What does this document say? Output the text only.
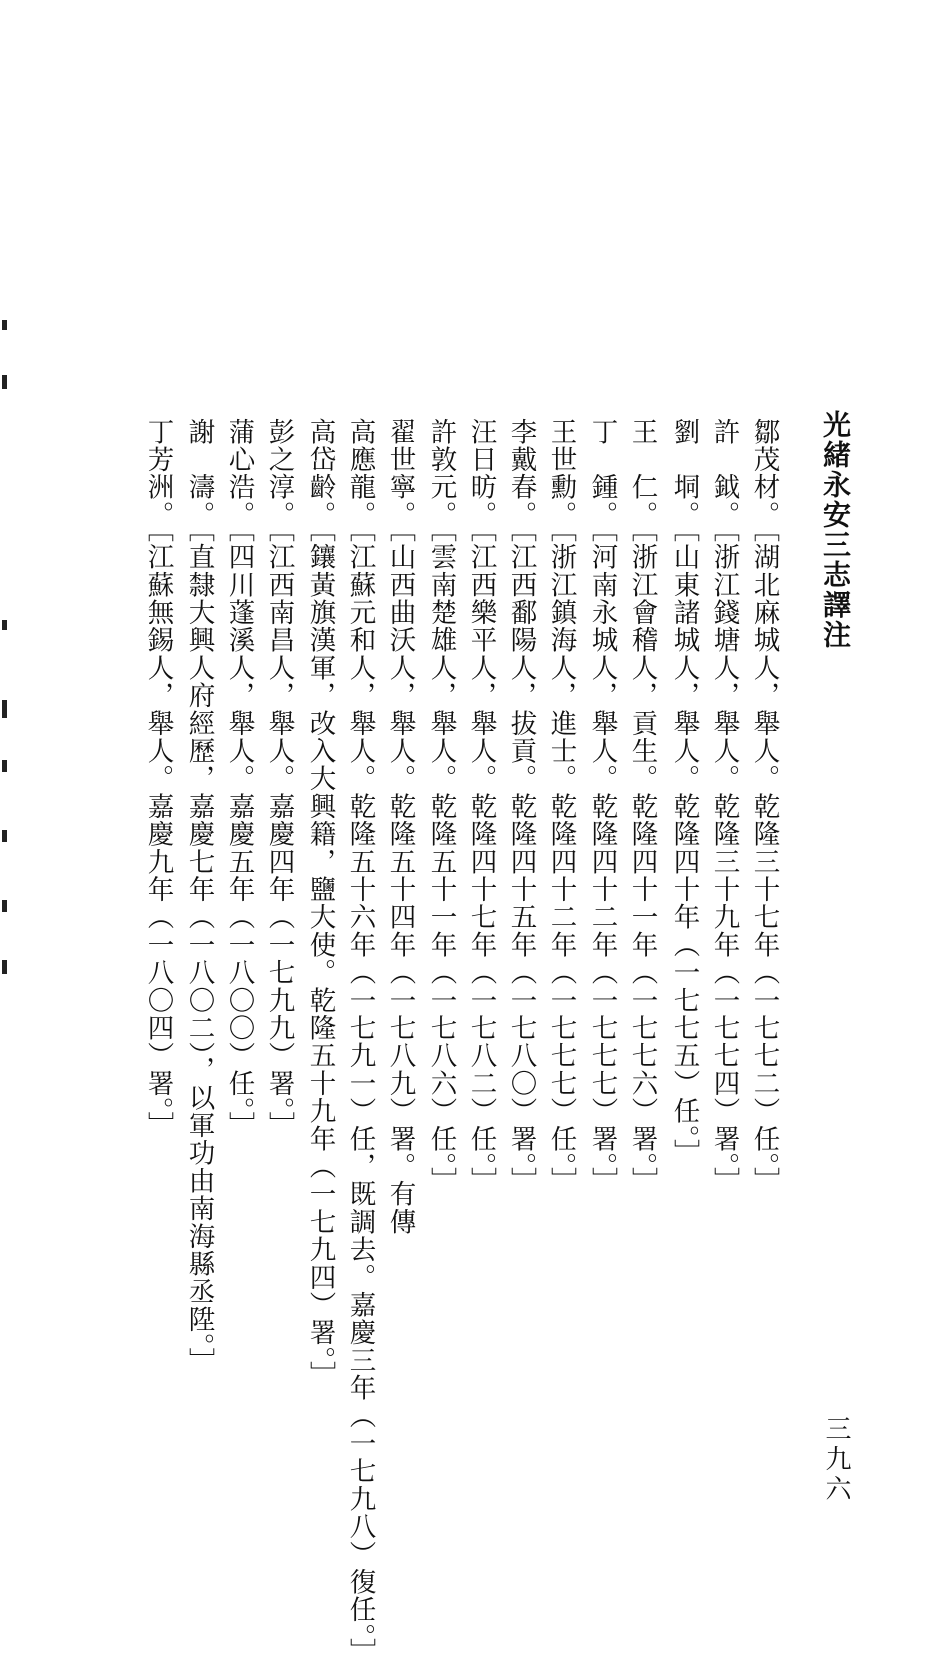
光緒永安三志譯注
鄒茂材。［湖北麻城人，舉人。乾隆三十七年（一七七二）任。］
許　鉞。［浙江錢塘人，舉人。乾隆三十九年（一七七四）署。］
劉　垌。［山東諸城人，舉人。乾隆四十年（一七七五）任。］
王　仁。［浙江會稽人，貢生。乾隆四十一年（一七七六）署。］
丁　鍾。［河南永城人，舉人。乾隆四十二年（一七七七）署。］
王世勳。［浙江鎮海人，進士。乾隆四十二年（一七七七）任。］
李戴春。［江西鄱陽人，拔貢。乾隆四十五年（一七八〇）署。］
汪日昉。［江西樂平人，舉人。乾隆四十七年（一七八二）任。］
許敦元。［雲南楚雄人，舉人。乾隆五十一年（一七八六）任。］
翟世寧。［山西曲沃人，舉人。乾隆五十四年（一七八九）署。有傳
高應龍。［江蘇元和人，舉人。乾隆五十六年（一七九一）任，既調去。嘉慶三年（一七九八）復任。］
高岱齡。［鑲黃旗漢軍，改入大興籍，鹽大使。乾隆五十九年（一七九四）署。］
彭之淳。［江西南昌人，舉人。嘉慶四年（一七九九）署。］
蒲心浩。［四川蓬溪人，舉人。嘉慶五年（一八〇〇）任。］
謝　濤。［直隸大興人府經歷，嘉慶七年（一八〇二），以軍功由南海縣丞陞。］
丁芳洲。［江蘇無錫人，舉人。嘉慶九年（一八〇四）署。］
三九六
